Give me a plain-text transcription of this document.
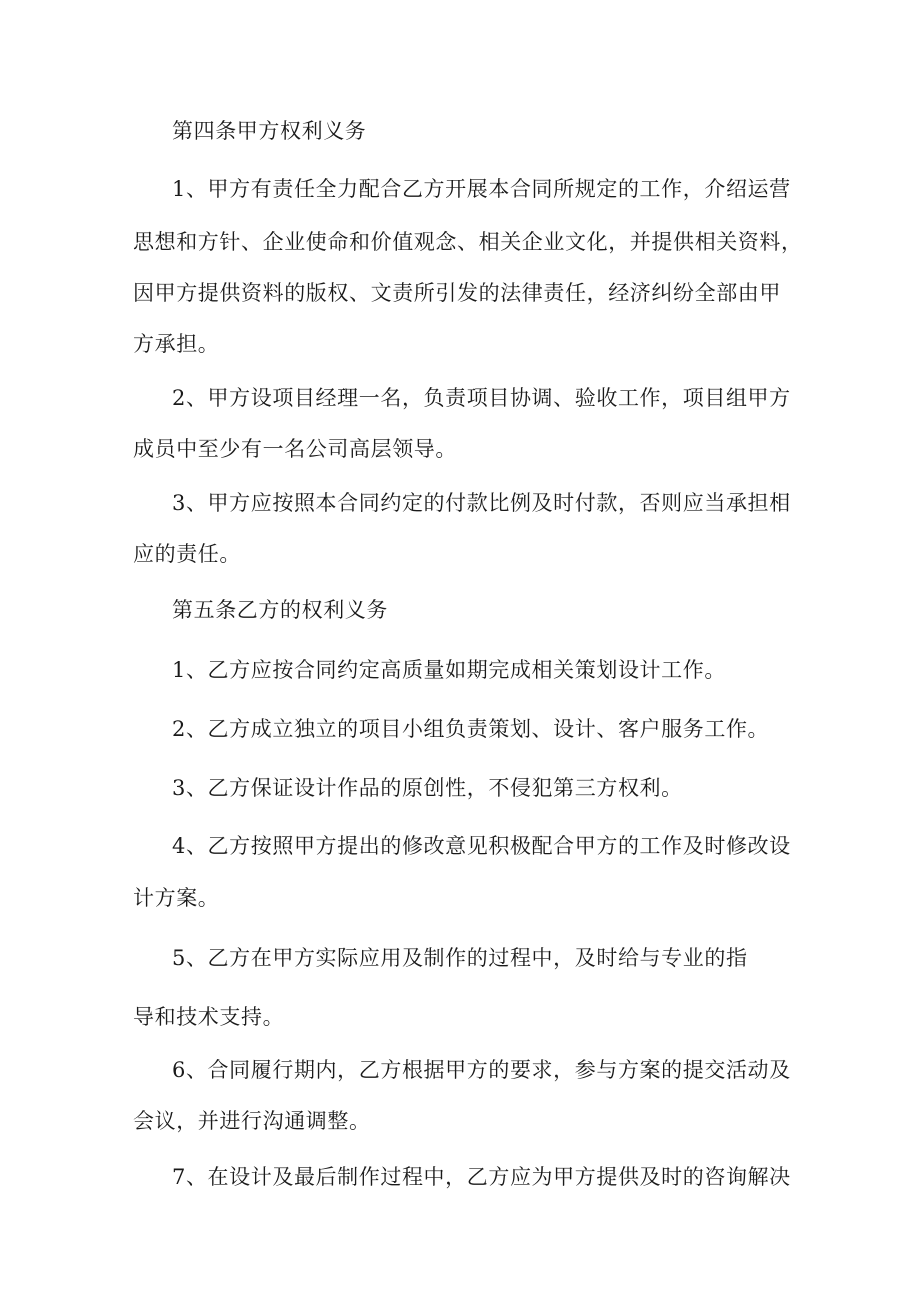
第四条甲方权利义务
1、甲方有责任全力配合乙方开展本合同所规定的工作，介绍运营
思想和方针、企业使命和价值观念、相关企业文化，并提供相关资料，
因甲方提供资料的版权、文责所引发的法律责任，经济纠纷全部由甲
方承担。
2、甲方设项目经理一名，负责项目协调、验收工作，项目组甲方
成员中至少有一名公司高层领导。
3、甲方应按照本合同约定的付款比例及时付款，否则应当承担相
应的责任。
第五条乙方的权利义务
1、乙方应按合同约定高质量如期完成相关策划设计工作。
2、乙方成立独立的项目小组负责策划、设计、客户服务工作。
3、乙方保证设计作品的原创性，不侵犯第三方权利。
4、乙方按照甲方提出的修改意见积极配合甲方的工作及时修改设
计方案。
5、乙方在甲方实际应用及制作的过程中，及时给与专业的指
导和技术支持。
6、合同履行期内，乙方根据甲方的要求，参与方案的提交活动及
会议，并进行沟通调整。
7、在设计及最后制作过程中，乙方应为甲方提供及时的咨询解决
